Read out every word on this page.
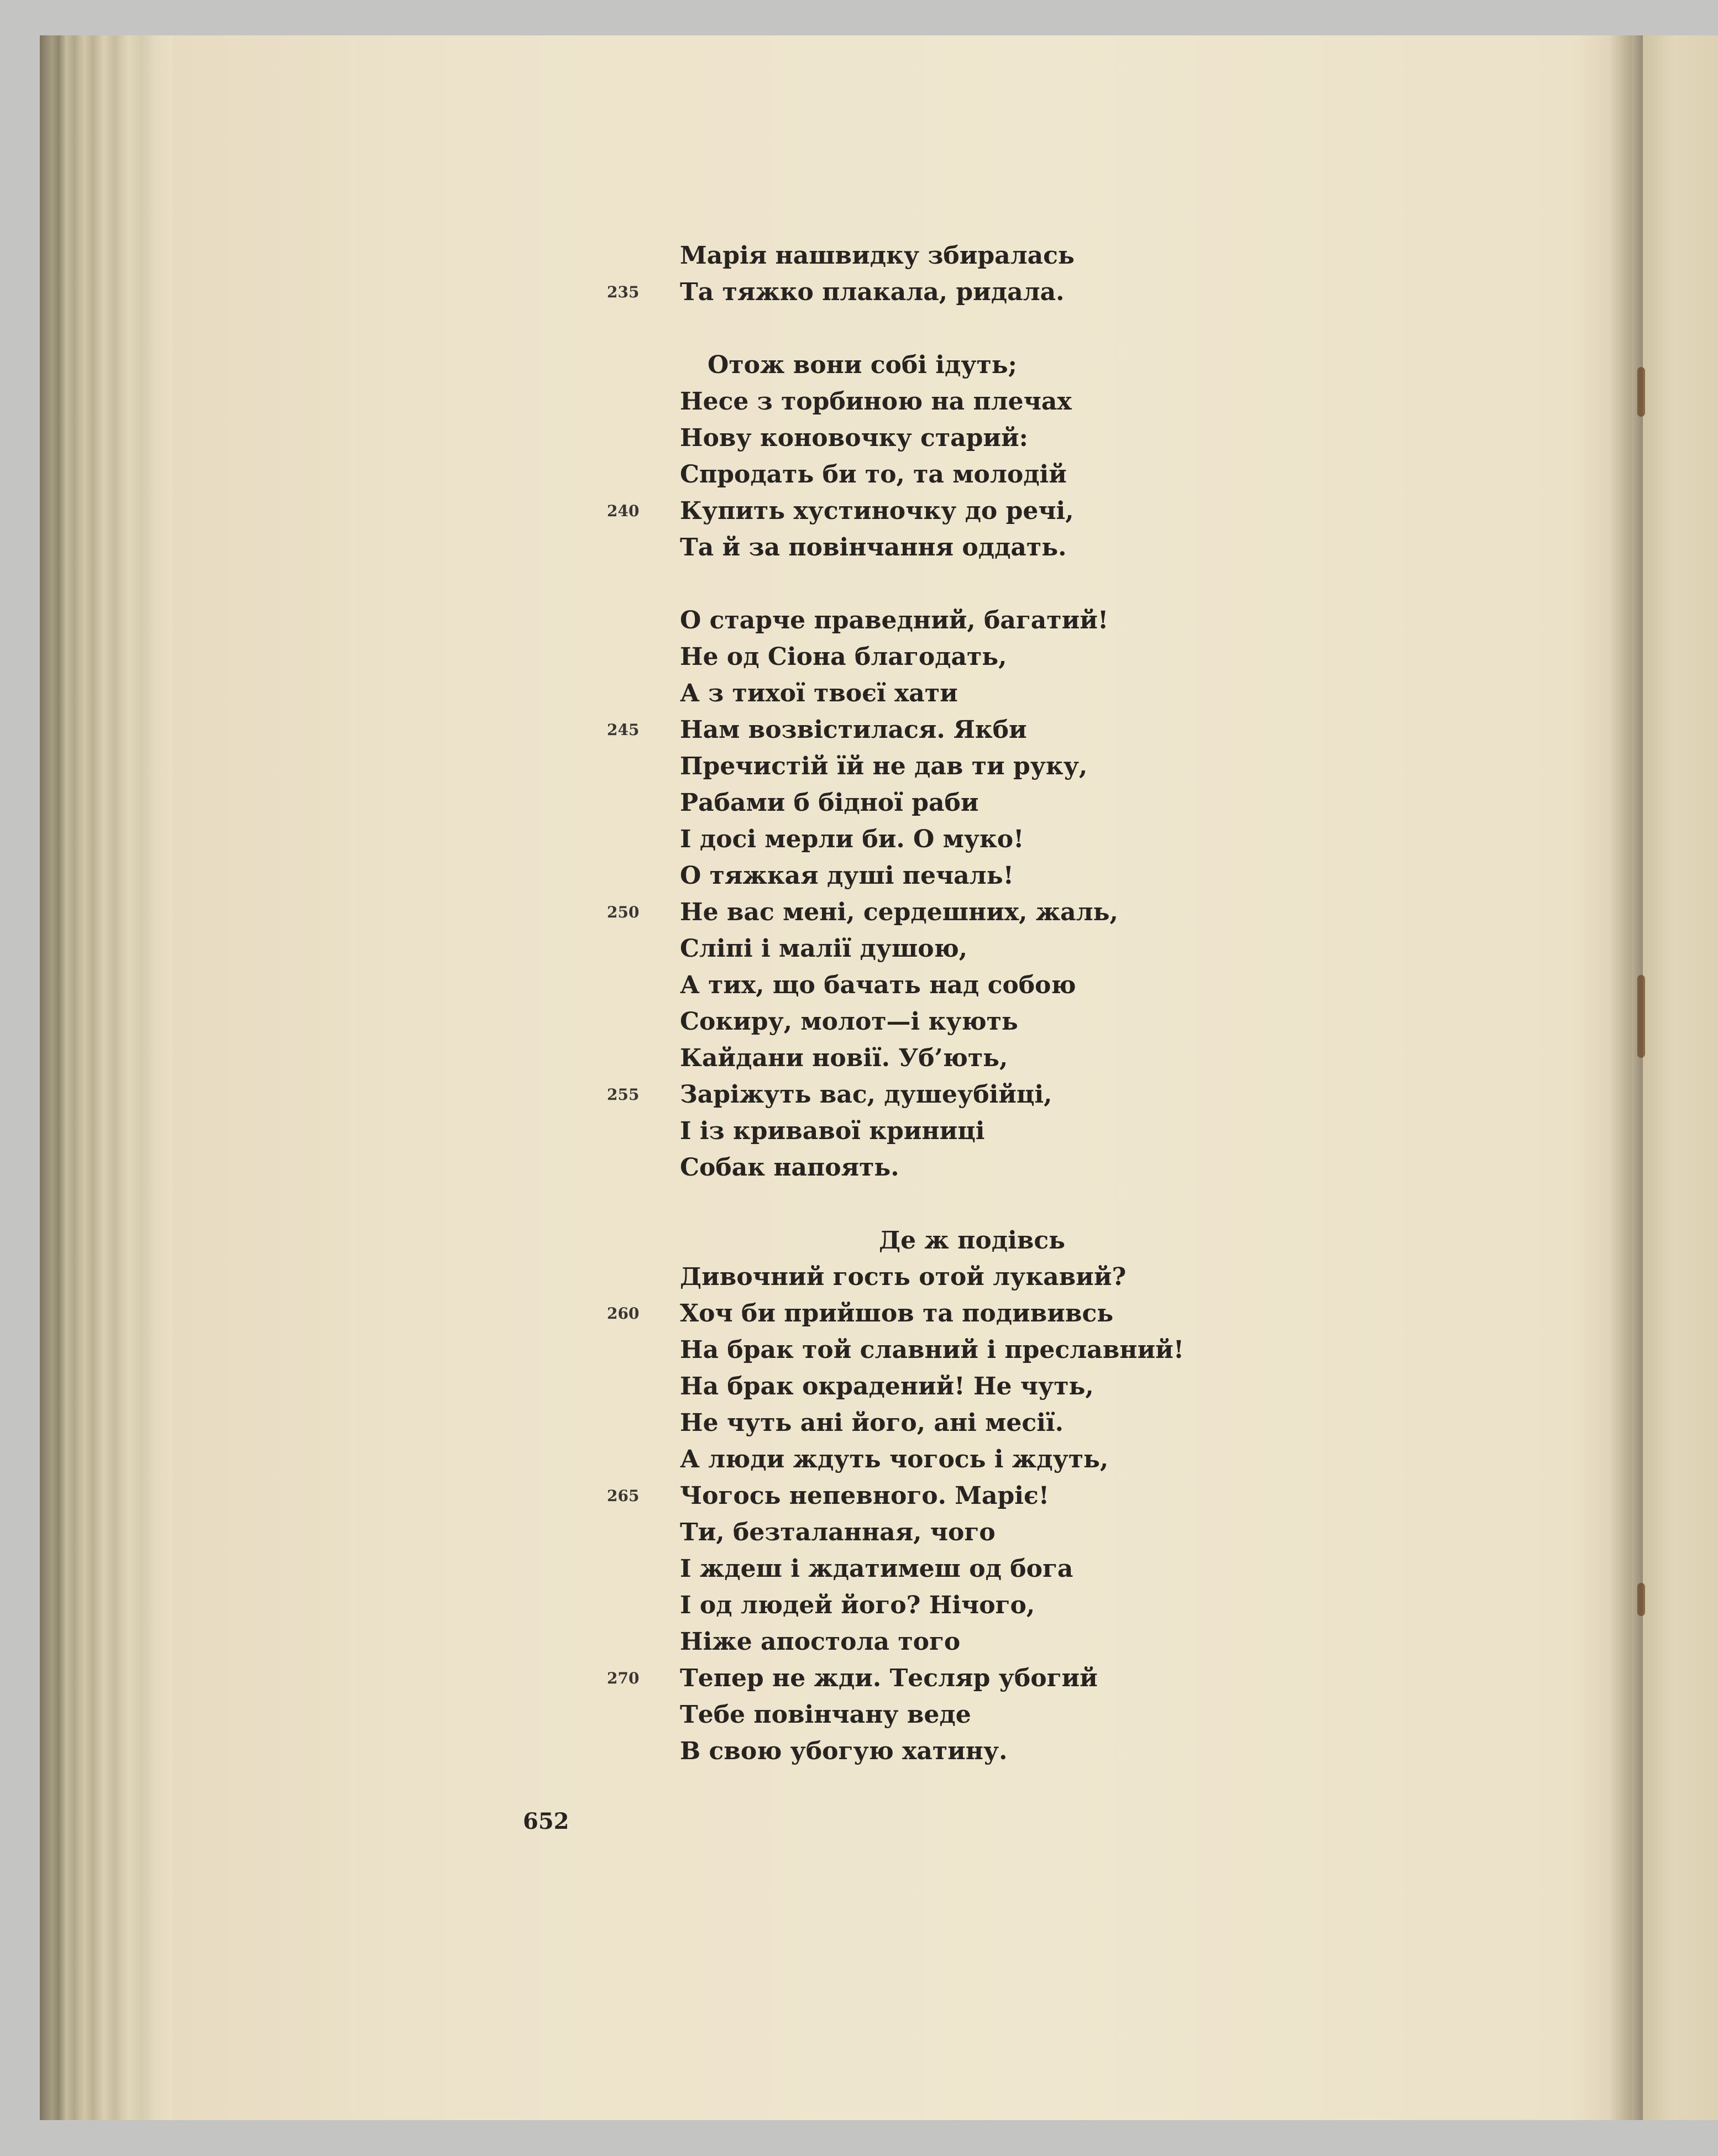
Марія нашвидку збиралась
235	Та тяжко плакала, ридала.
Отож вони собі ідуть;
Несе з торбиною на плечах
Нову коновочку старий:
Спродать би то, та молодій
240	Купить хустиночку до речі,
Та й за повінчання оддать.
О старче праведний, багатий!
Не од Сіона благодать,
А з тихої твоєї хати
245	Нам возвістилася. Якби
Пречистій їй не дав ти руку,
Рабами б бідної раби
І досі мерли би. О муко!
О тяжкая душі печаль!
250	Не вас мені, сердешних, жаль,
Сліпі і малії душою,
А тих, що бачать над собою
Сокиру, молот—і кують
Кайдани новії. Уб’ють,
255	Заріжуть вас, душеубійці,
І із кривавої криниці
Собак напоять.
Де ж подівсь
Дивочний гость отой лукавий?
260	Хоч би прийшов та подививсь
На брак той славний і преславний!
На брак окрадений! Не чуть,
Не чуть ані його, ані месії.
А люди ждуть чогось і ждуть,
265	Чогось непевного. Маріє!
Ти, безталанная, чого
І ждеш і ждатимеш од бога
І од людей його? Нічого,
Ніже апостола того
270	Тепер не жди. Тесляр убогий
Тебе повінчану веде
В свою убогую хатину.
652
